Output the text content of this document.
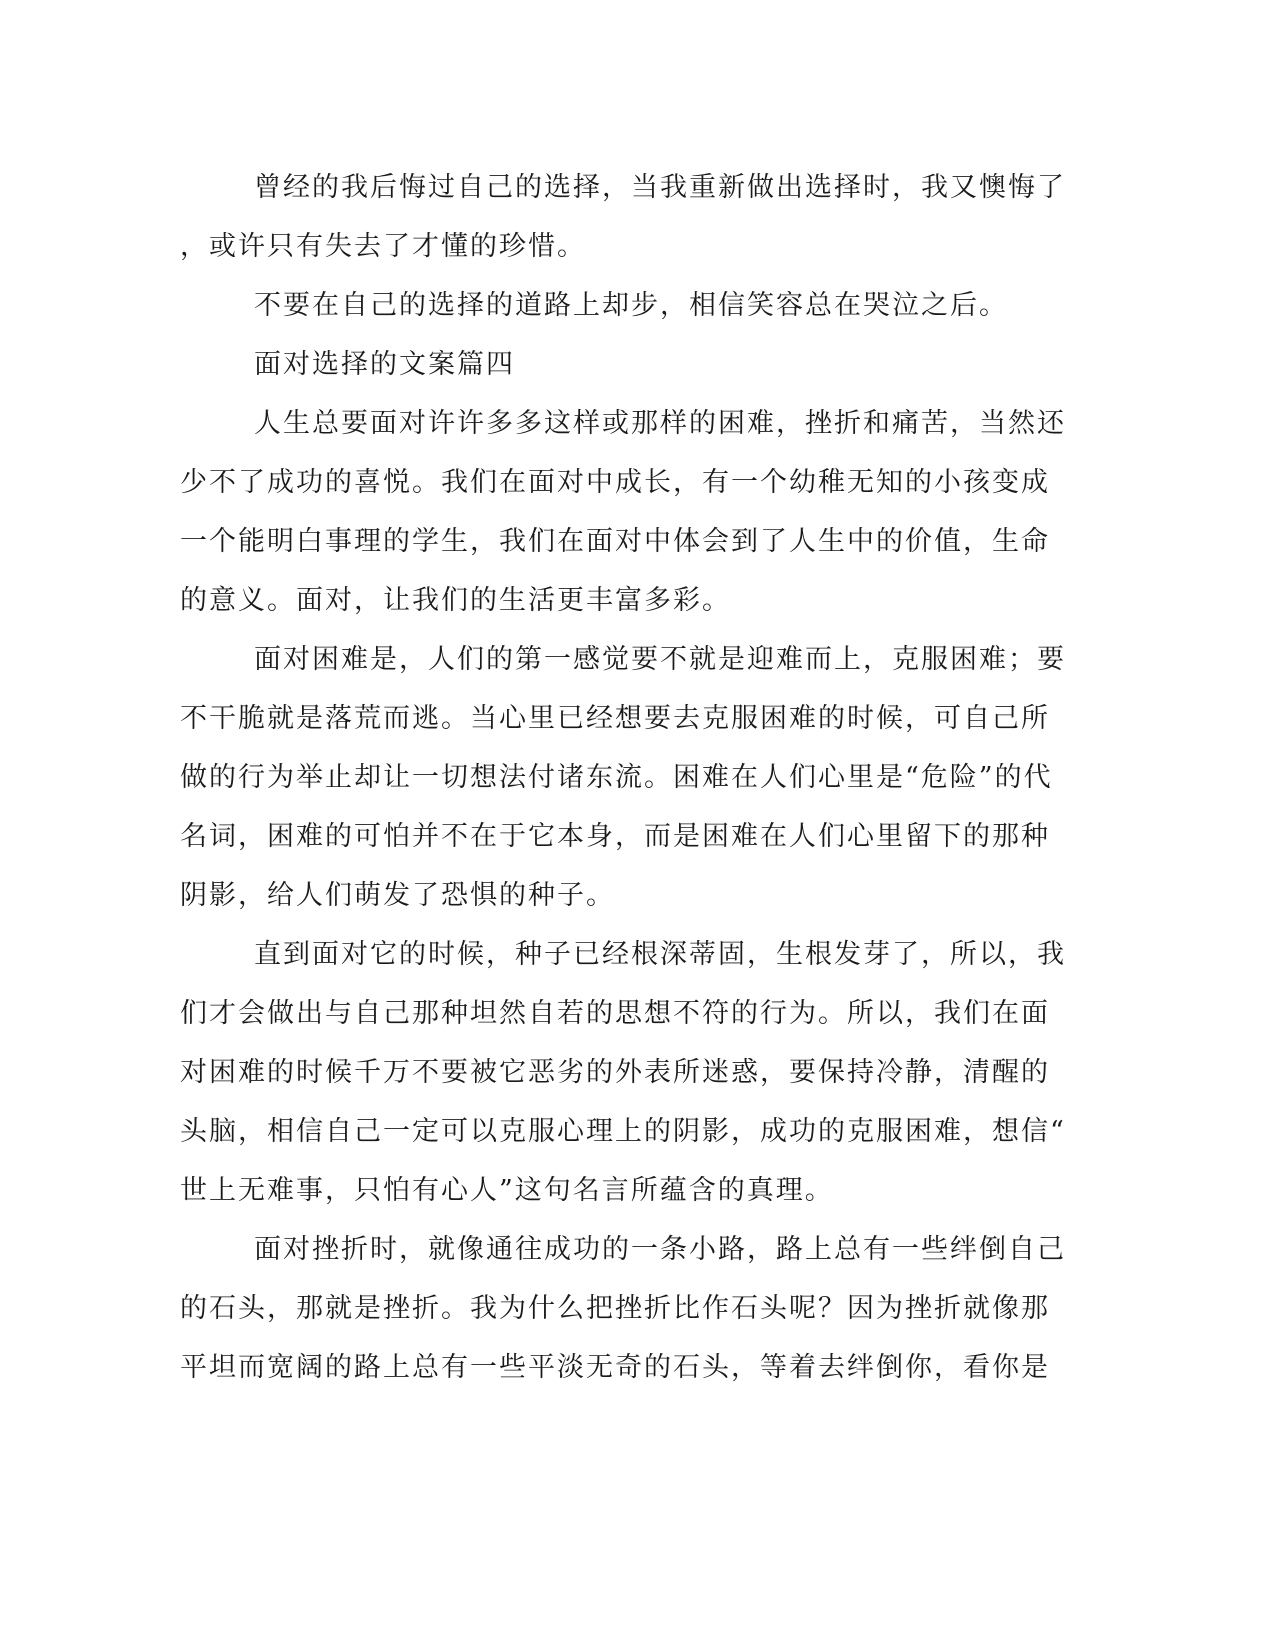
曾经的我后悔过自己的选择，当我重新做出选择时，我又懊悔了
，或许只有失去了才懂的珍惜。

不要在自己的选择的道路上却步，相信笑容总在哭泣之后。

面对选择的文案篇四

人生总要面对许许多多这样或那样的困难，挫折和痛苦，当然还
少不了成功的喜悦。我们在面对中成长，有一个幼稚无知的小孩变成
一个能明白事理的学生，我们在面对中体会到了人生中的价值，生命
的意义。面对，让我们的生活更丰富多彩。

面对困难是，人们的第一感觉要不就是迎难而上，克服困难；要
不干脆就是落荒而逃。当心里已经想要去克服困难的时候，可自己所
做的行为举止却让一切想法付诸东流。困难在人们心里是“危险”的代
名词，困难的可怕并不在于它本身，而是困难在人们心里留下的那种
阴影，给人们萌发了恐惧的种子。

直到面对它的时候，种子已经根深蒂固，生根发芽了，所以，我
们才会做出与自己那种坦然自若的思想不符的行为。所以，我们在面
对困难的时候千万不要被它恶劣的外表所迷惑，要保持冷静，清醒的
头脑，相信自己一定可以克服心理上的阴影，成功的克服困难，想信“
世上无难事，只怕有心人”这句名言所蕴含的真理。

面对挫折时，就像通往成功的一条小路，路上总有一些绊倒自己
的石头，那就是挫折。我为什么把挫折比作石头呢？因为挫折就像那
平坦而宽阔的路上总有一些平淡无奇的石头，等着去绊倒你，看你是
